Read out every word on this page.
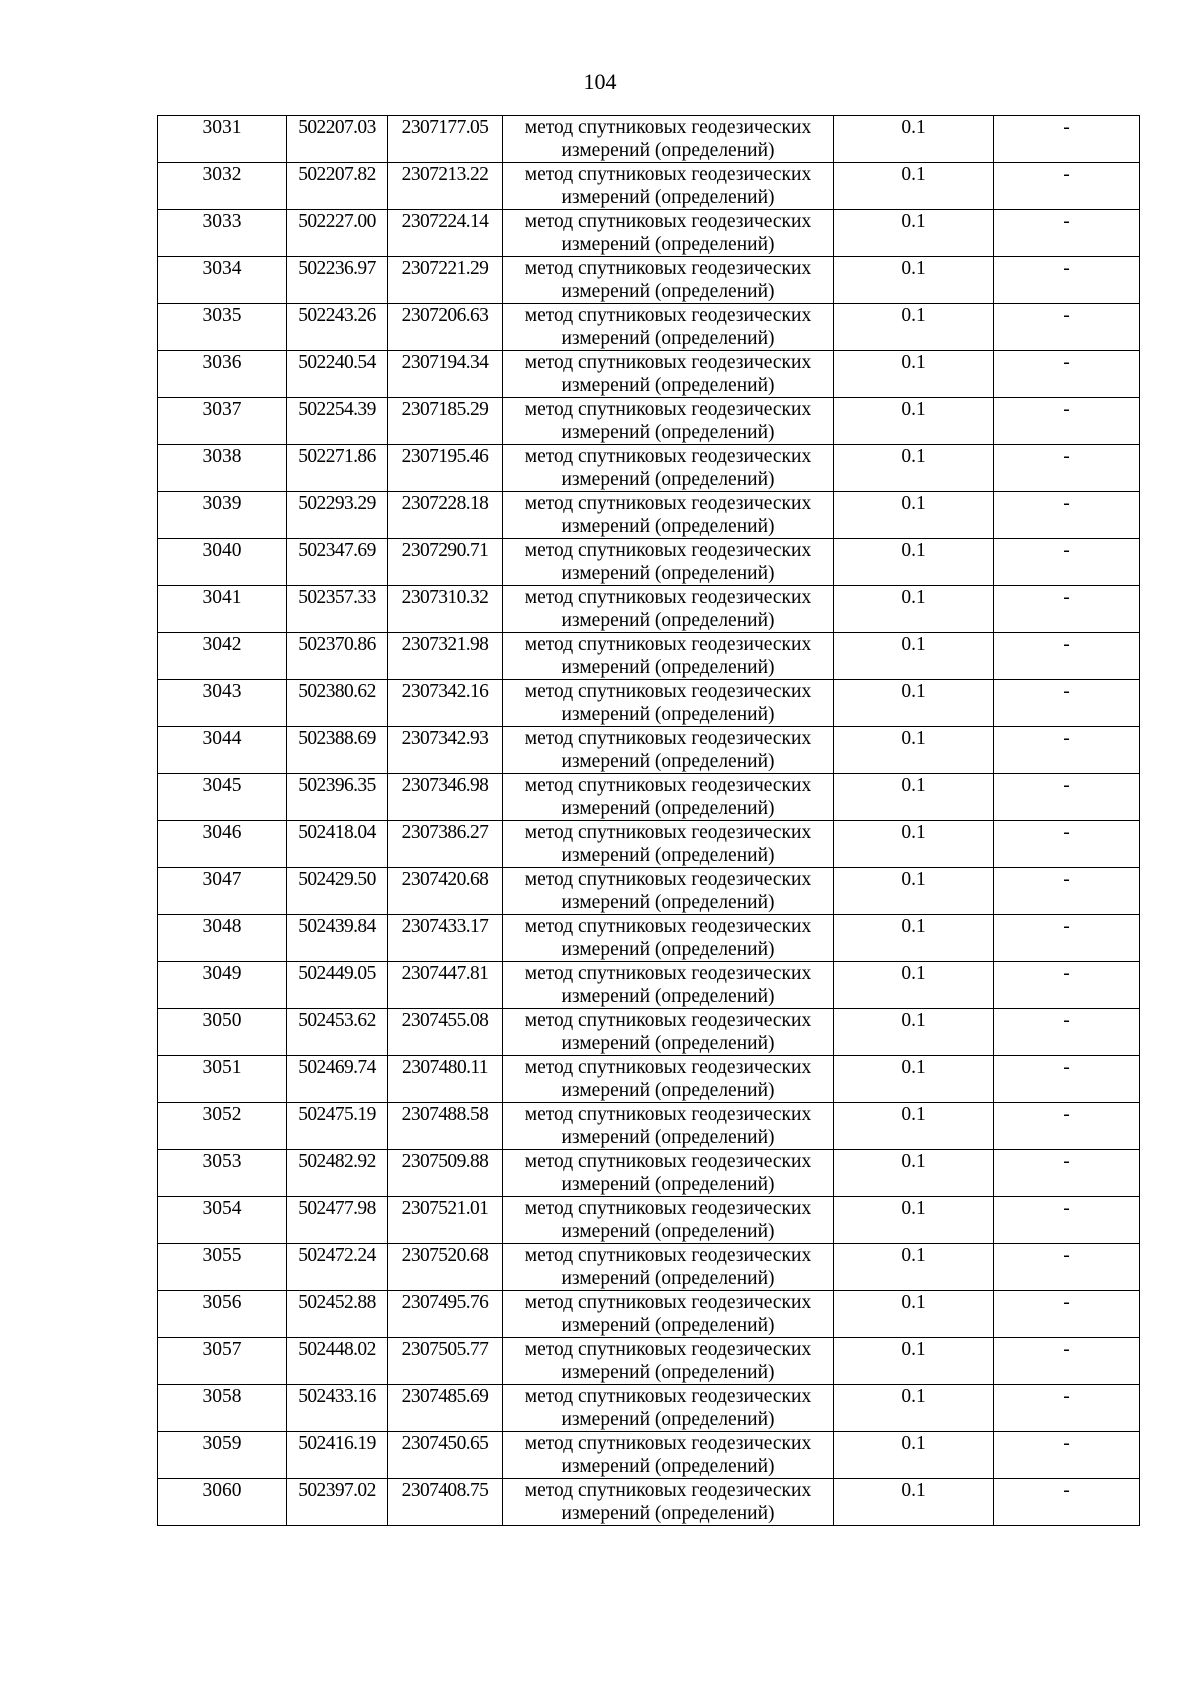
104
3031	502207.03	2307177.05	метод спутниковых геодезических измерений (определений)	0.1	-
3032	502207.82	2307213.22	метод спутниковых геодезических измерений (определений)	0.1	-
3033	502227.00	2307224.14	метод спутниковых геодезических измерений (определений)	0.1	-
3034	502236.97	2307221.29	метод спутниковых геодезических измерений (определений)	0.1	-
3035	502243.26	2307206.63	метод спутниковых геодезических измерений (определений)	0.1	-
3036	502240.54	2307194.34	метод спутниковых геодезических измерений (определений)	0.1	-
3037	502254.39	2307185.29	метод спутниковых геодезических измерений (определений)	0.1	-
3038	502271.86	2307195.46	метод спутниковых геодезических измерений (определений)	0.1	-
3039	502293.29	2307228.18	метод спутниковых геодезических измерений (определений)	0.1	-
3040	502347.69	2307290.71	метод спутниковых геодезических измерений (определений)	0.1	-
3041	502357.33	2307310.32	метод спутниковых геодезических измерений (определений)	0.1	-
3042	502370.86	2307321.98	метод спутниковых геодезических измерений (определений)	0.1	-
3043	502380.62	2307342.16	метод спутниковых геодезических измерений (определений)	0.1	-
3044	502388.69	2307342.93	метод спутниковых геодезических измерений (определений)	0.1	-
3045	502396.35	2307346.98	метод спутниковых геодезических измерений (определений)	0.1	-
3046	502418.04	2307386.27	метод спутниковых геодезических измерений (определений)	0.1	-
3047	502429.50	2307420.68	метод спутниковых геодезических измерений (определений)	0.1	-
3048	502439.84	2307433.17	метод спутниковых геодезических измерений (определений)	0.1	-
3049	502449.05	2307447.81	метод спутниковых геодезических измерений (определений)	0.1	-
3050	502453.62	2307455.08	метод спутниковых геодезических измерений (определений)	0.1	-
3051	502469.74	2307480.11	метод спутниковых геодезических измерений (определений)	0.1	-
3052	502475.19	2307488.58	метод спутниковых геодезических измерений (определений)	0.1	-
3053	502482.92	2307509.88	метод спутниковых геодезических измерений (определений)	0.1	-
3054	502477.98	2307521.01	метод спутниковых геодезических измерений (определений)	0.1	-
3055	502472.24	2307520.68	метод спутниковых геодезических измерений (определений)	0.1	-
3056	502452.88	2307495.76	метод спутниковых геодезических измерений (определений)	0.1	-
3057	502448.02	2307505.77	метод спутниковых геодезических измерений (определений)	0.1	-
3058	502433.16	2307485.69	метод спутниковых геодезических измерений (определений)	0.1	-
3059	502416.19	2307450.65	метод спутниковых геодезических измерений (определений)	0.1	-
3060	502397.02	2307408.75	метод спутниковых геодезических измерений (определений)	0.1	-
